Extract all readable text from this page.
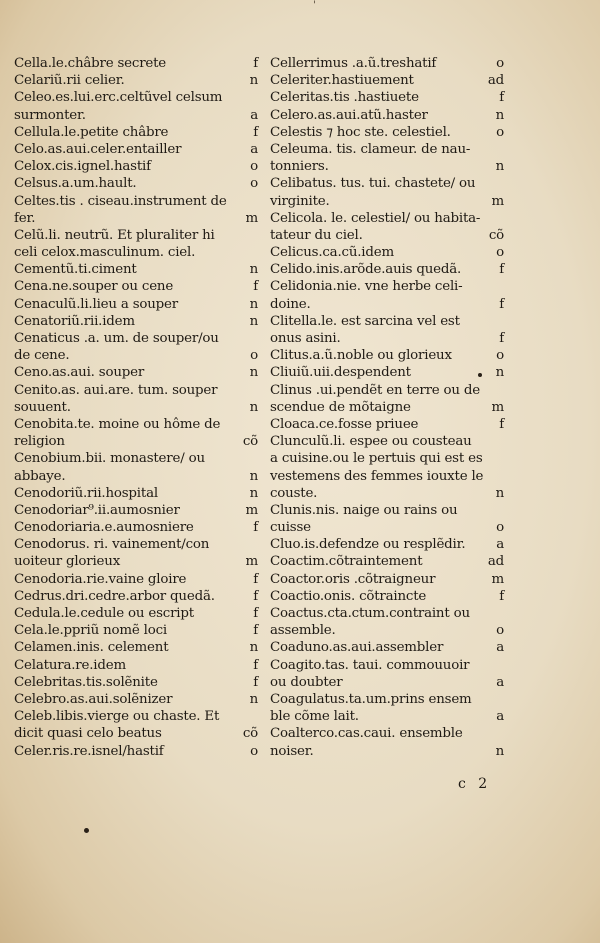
'
Cella.le.châbre secrete	f
Celariũ.rii celier.	n
Celeo.es.lui.erc.celtũvel celsum
surmonter.	a
Cellula.le.petite châbre	f
Celo.as.aui.celer.entailler	a
Celox.cis.ignel.hastif	o
Celsus.a.um.hault.	o
Celtes.tis . ciseau.instrument de
fer.	m
Celũ.li. neutrũ. Et pluraliter hi
celi celox.masculinum. ciel.
Cementũ.ti.ciment	n
Cena.ne.souper ou cene	f
Cenaculũ.li.lieu a souper	n
Cenatoriũ.rii.idem	n
Cenaticus .a. um. de souper/ou
de cene.	o
Ceno.as.aui. souper	n
Cenito.as. aui.are. tum. souper
souuent.	n
Cenobita.te. moine ou hôme de
religion	cõ
Cenobium.bii. monastere/ ou
abbaye.	n
Cenodoriũ.rii.hospital	n
Cenodoriar⁹.ii.aumosnier	m
Cenodoriaria.e.aumosniere	f
Cenodorus. ri. vainement/con
uoiteur glorieux	m
Cenodoria.rie.vaine gloire	f
Cedrus.dri.cedre.arbor quedã.	f
Cedula.le.cedule ou escript	f
Cela.le.ppriũ nomẽ loci	f
Celamen.inis. celement	n
Celatura.re.idem	f
Celebritas.tis.solẽnite	f
Celebro.as.aui.solẽnizer	n
Celeb.libis.vierge ou chaste. Et
dicit quasi celo beatus	cõ
Celer.ris.re.isnel/hastif	o
Cellerrimus .a.ũ.treshatif	o
Celeriter.hastiuement	ad
Celeritas.tis .hastiuete	f
Celero.as.aui.atũ.haster	n
Celestis ⁊ hoc ste. celestiel.	o
Celeuma. tis. clameur. de nau-
tonniers.	n
Celibatus. tus. tui. chastete/ ou
virginite.	m
Celicola. le. celestiel/ ou habita-
tateur du ciel.	cõ
Celicus.ca.cũ.idem	o
Celido.inis.arõde.auis quedã.	f
Celidonia.nie. vne herbe celi-
doine.	f
Clitella.le. est sarcina vel est
onus asini.	f
Clitus.a.ũ.noble ou glorieux	o
Cliuiũ.uii.despendent	n
Clinus .ui.pendẽt en terre ou de
scendue de mõtaigne	m
Cloaca.ce.fosse priuee	f
Clunculũ.li. espee ou cousteau
a cuisine.ou le pertuis qui est es
vestemens des femmes iouxte le
couste.	n
Clunis.nis. naige ou rains ou
cuisse	o
Cluo.is.defendze ou resplẽdir. a
Coactim.cõtraintement	ad
Coactor.oris .cõtraigneur	m
Coactio.onis. cõtraincte	f
Coactus.cta.ctum.contraint ou
assemble.	o
Coaduno.as.aui.assembler	a
Coagito.tas. taui. commouuoir
ou doubter	a
Coagulatus.ta.um.prins ensem
ble cõme lait.	a
Coalterco.cas.caui. ensemble
noiser.	n
c 2
